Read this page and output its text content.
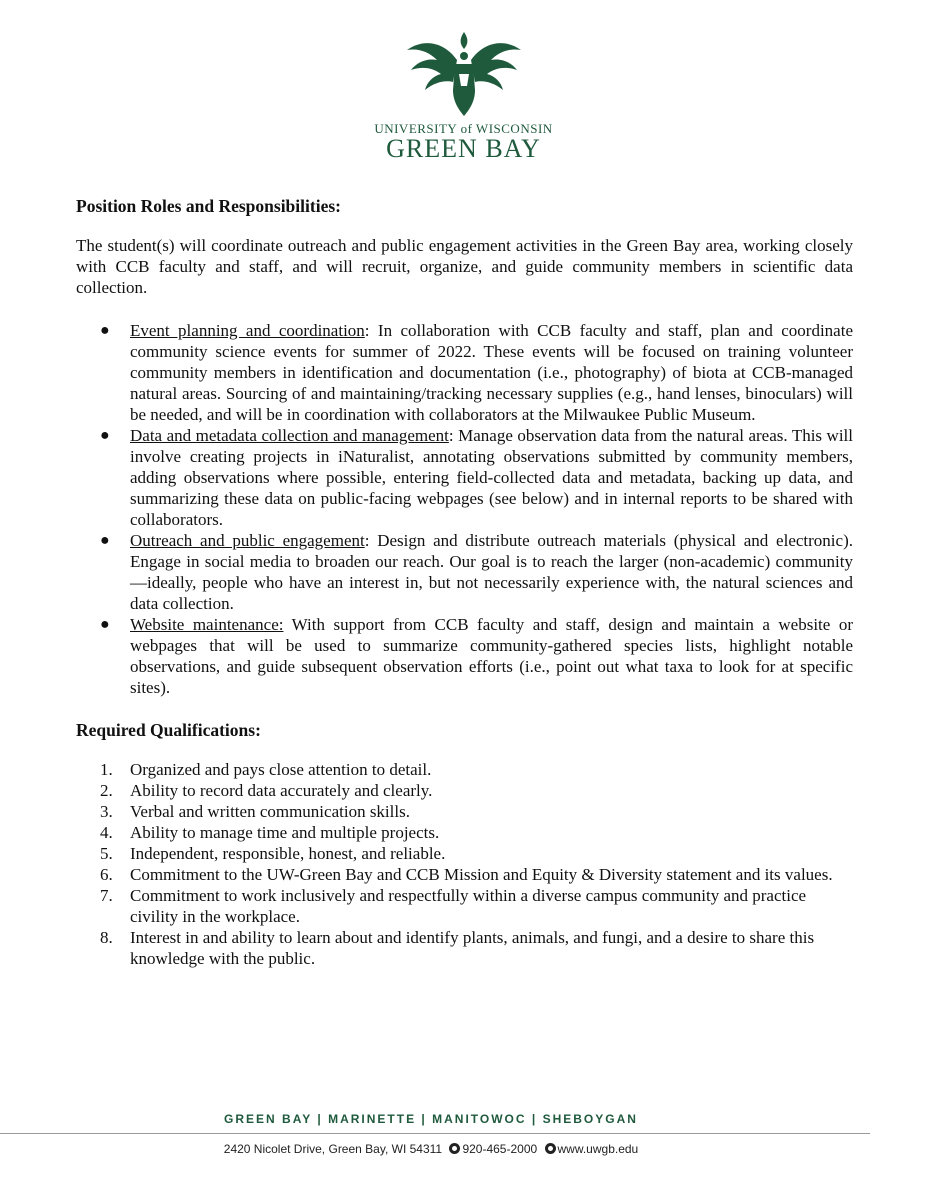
UNIVERSITY of WISCONSIN
GREEN BAY
Position Roles and Responsibilities:

The student(s) will coordinate outreach and public engagement activities in the Green Bay area, working closely with CCB faculty and staff, and will recruit, organize, and guide community members in scientific data collection.

● Event planning and coordination: In collaboration with CCB faculty and staff, plan and coordinate community science events for summer of 2022. These events will be focused on training volunteer community members in identification and documentation (i.e., photography) of biota at CCB-managed natural areas. Sourcing of and maintaining/tracking necessary supplies (e.g., hand lenses, binoculars) will be needed, and will be in coordination with collaborators at the Milwaukee Public Museum.
● Data and metadata collection and management: Manage observation data from the natural areas. This will involve creating projects in iNaturalist, annotating observations submitted by community members, adding observations where possible, entering field-collected data and metadata, backing up data, and summarizing these data on public-facing webpages (see below) and in internal reports to be shared with collaborators.
● Outreach and public engagement: Design and distribute outreach materials (physical and electronic). Engage in social media to broaden our reach. Our goal is to reach the larger (non-academic) community—ideally, people who have an interest in, but not necessarily experience with, the natural sciences and data collection.
● Website maintenance: With support from CCB faculty and staff, design and maintain a website or webpages that will be used to summarize community-gathered species lists, highlight notable observations, and guide subsequent observation efforts (i.e., point out what taxa to look for at specific sites).
Required Qualifications:
1. Organized and pays close attention to detail.
2. Ability to record data accurately and clearly.
3. Verbal and written communication skills.
4. Ability to manage time and multiple projects.
5. Independent, responsible, honest, and reliable.
6. Commitment to the UW-Green Bay and CCB Mission and Equity & Diversity statement and its values.
7. Commitment to work inclusively and respectfully within a diverse campus community and practice civility in the workplace.
8. Interest in and ability to learn about and identify plants, animals, and fungi, and a desire to share this knowledge with the public.
GREEN BAY | MARINETTE | MANITOWOC | SHEBOYGAN
2420 Nicolet Drive, Green Bay, WI 54311 920-465-2000 www.uwgb.edu
